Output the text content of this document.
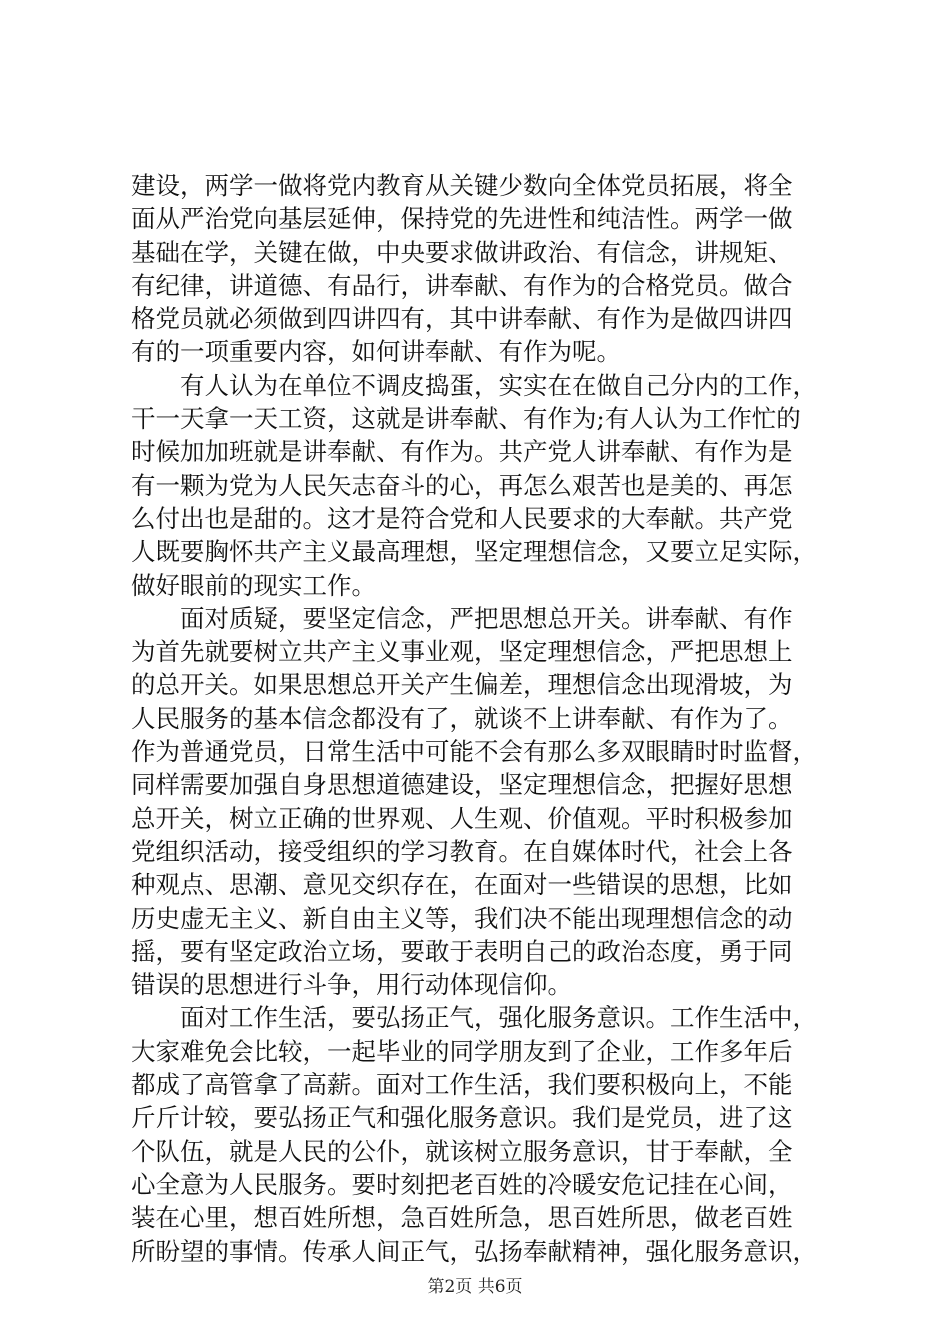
建设，两学一做将党内教育从关键少数向全体党员拓展，将全
面从严治党向基层延伸，保持党的先进性和纯洁性。两学一做
基础在学，关键在做，中央要求做讲政治、有信念，讲规矩、
有纪律，讲道德、有品行，讲奉献、有作为的合格党员。做合
格党员就必须做到四讲四有，其中讲奉献、有作为是做四讲四
有的一项重要内容，如何讲奉献、有作为呢。
　　有人认为在单位不调皮捣蛋，实实在在做自己分内的工作，
干一天拿一天工资，这就是讲奉献、有作为;有人认为工作忙的
时候加加班就是讲奉献、有作为。共产党人讲奉献、有作为是
有一颗为党为人民矢志奋斗的心，再怎么艰苦也是美的、再怎
么付出也是甜的。这才是符合党和人民要求的大奉献。共产党
人既要胸怀共产主义最高理想，坚定理想信念，又要立足实际，
做好眼前的现实工作。
　　面对质疑，要坚定信念，严把思想总开关。讲奉献、有作
为首先就要树立共产主义事业观，坚定理想信念，严把思想上
的总开关。如果思想总开关产生偏差，理想信念出现滑坡，为
人民服务的基本信念都没有了，就谈不上讲奉献、有作为了。
作为普通党员，日常生活中可能不会有那么多双眼睛时时监督，
同样需要加强自身思想道德建设，坚定理想信念，把握好思想
总开关，树立正确的世界观、人生观、价值观。平时积极参加
党组织活动，接受组织的学习教育。在自媒体时代，社会上各
种观点、思潮、意见交织存在，在面对一些错误的思想，比如
历史虚无主义、新自由主义等，我们决不能出现理想信念的动
摇，要有坚定政治立场，要敢于表明自己的政治态度，勇于同
错误的思想进行斗争，用行动体现信仰。
　　面对工作生活，要弘扬正气，强化服务意识。工作生活中，
大家难免会比较，一起毕业的同学朋友到了企业，工作多年后
都成了高管拿了高薪。面对工作生活，我们要积极向上，不能
斤斤计较，要弘扬正气和强化服务意识。我们是党员，进了这
个队伍，就是人民的公仆，就该树立服务意识，甘于奉献，全
心全意为人民服务。要时刻把老百姓的冷暖安危记挂在心间，
装在心里，想百姓所想，急百姓所急，思百姓所思，做老百姓
所盼望的事情。传承人间正气，弘扬奉献精神，强化服务意识，
第2页 共6页
